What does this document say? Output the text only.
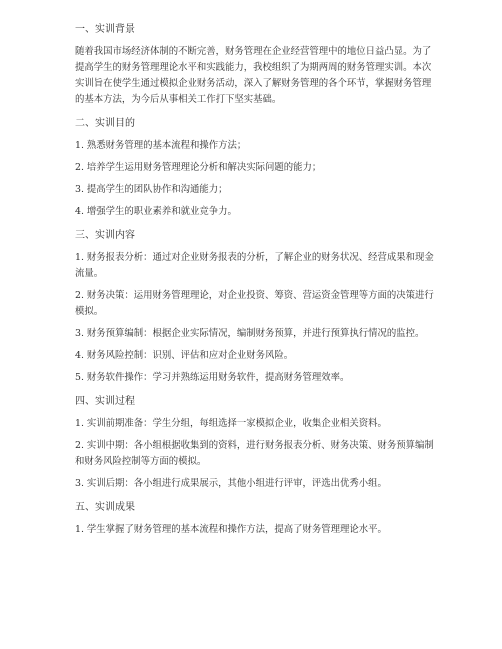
一、实训背景
随着我国市场经济体制的不断完善，财务管理在企业经营管理中的地位日益凸显。为了提高学生的财务管理理论水平和实践能力，我校组织了为期两周的财务管理实训。本次实训旨在使学生通过模拟企业财务活动，深入了解财务管理的各个环节，掌握财务管理的基本方法，为今后从事相关工作打下坚实基础。
二、实训目的
1. 熟悉财务管理的基本流程和操作方法；
2. 培养学生运用财务管理理论分析和解决实际问题的能力；
3. 提高学生的团队协作和沟通能力；
4. 增强学生的职业素养和就业竞争力。
三、实训内容
1. 财务报表分析：通过对企业财务报表的分析，了解企业的财务状况、经营成果和现金流量。
2. 财务决策：运用财务管理理论，对企业投资、筹资、营运资金管理等方面的决策进行模拟。
3. 财务预算编制：根据企业实际情况，编制财务预算，并进行预算执行情况的监控。
4. 财务风险控制：识别、评估和应对企业财务风险。
5. 财务软件操作：学习并熟练运用财务软件，提高财务管理效率。
四、实训过程
1. 实训前期准备：学生分组，每组选择一家模拟企业，收集企业相关资料。
2. 实训中期：各小组根据收集到的资料，进行财务报表分析、财务决策、财务预算编制和财务风险控制等方面的模拟。
3. 实训后期：各小组进行成果展示，其他小组进行评审，评选出优秀小组。
五、实训成果
1. 学生掌握了财务管理的基本流程和操作方法，提高了财务管理理论水平。
